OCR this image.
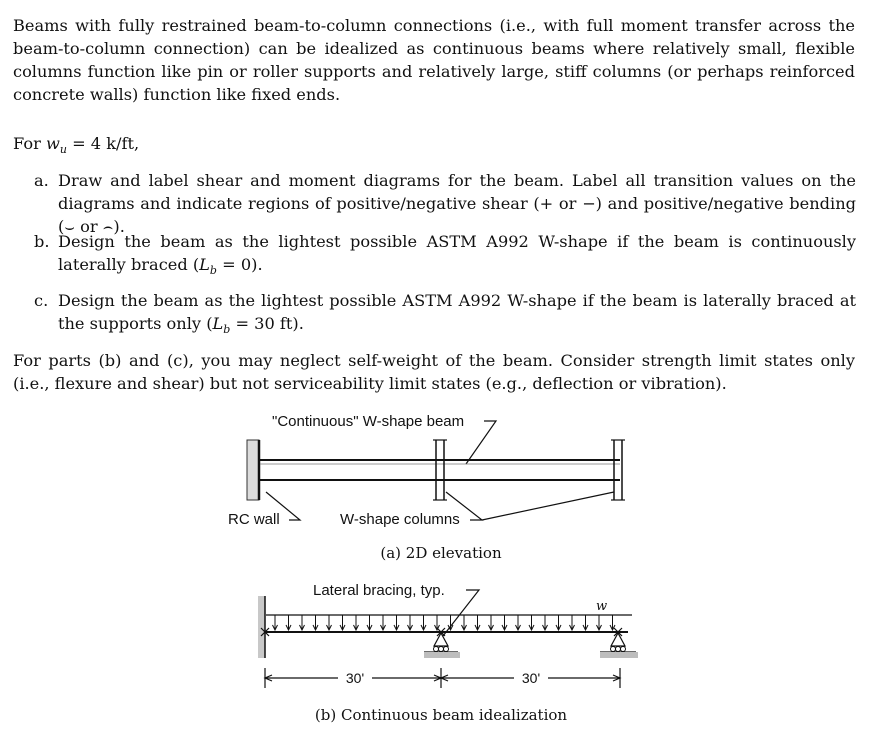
Beams with fully restrained beam-to-column connections (i.e., with full moment transfer across the beam-to-column connection) can be idealized as continuous beams where relatively small, flexible columns function like pin or roller supports and relatively large, stiff columns (or perhaps reinforced concrete walls) function like fixed ends.
For $w_u = 4$ k/ft,
a. Draw and label shear and moment diagrams for the beam. Label all transition values on the diagrams and indicate regions of positive/negative shear (+ or −) and positive/negative bending (⌣ or ⌢).
b. Design the beam as the lightest possible ASTM A992 W-shape if the beam is continuously laterally braced $(L_b = 0)$.
c. Design the beam as the lightest possible ASTM A992 W-shape if the beam is laterally braced at the supports only ($L_b = 30$ ft).
For parts (b) and (c), you may neglect self-weight of the beam. Consider strength limit states only (i.e., flexure and shear) but not serviceability limit states (e.g., deflection or vibration).
"Continuous" W-shape beam
RC wall	W-shape columns
(a) 2D elevation
Lateral bracing, typ.
w
30'	30'
(b) Continuous beam idealization
